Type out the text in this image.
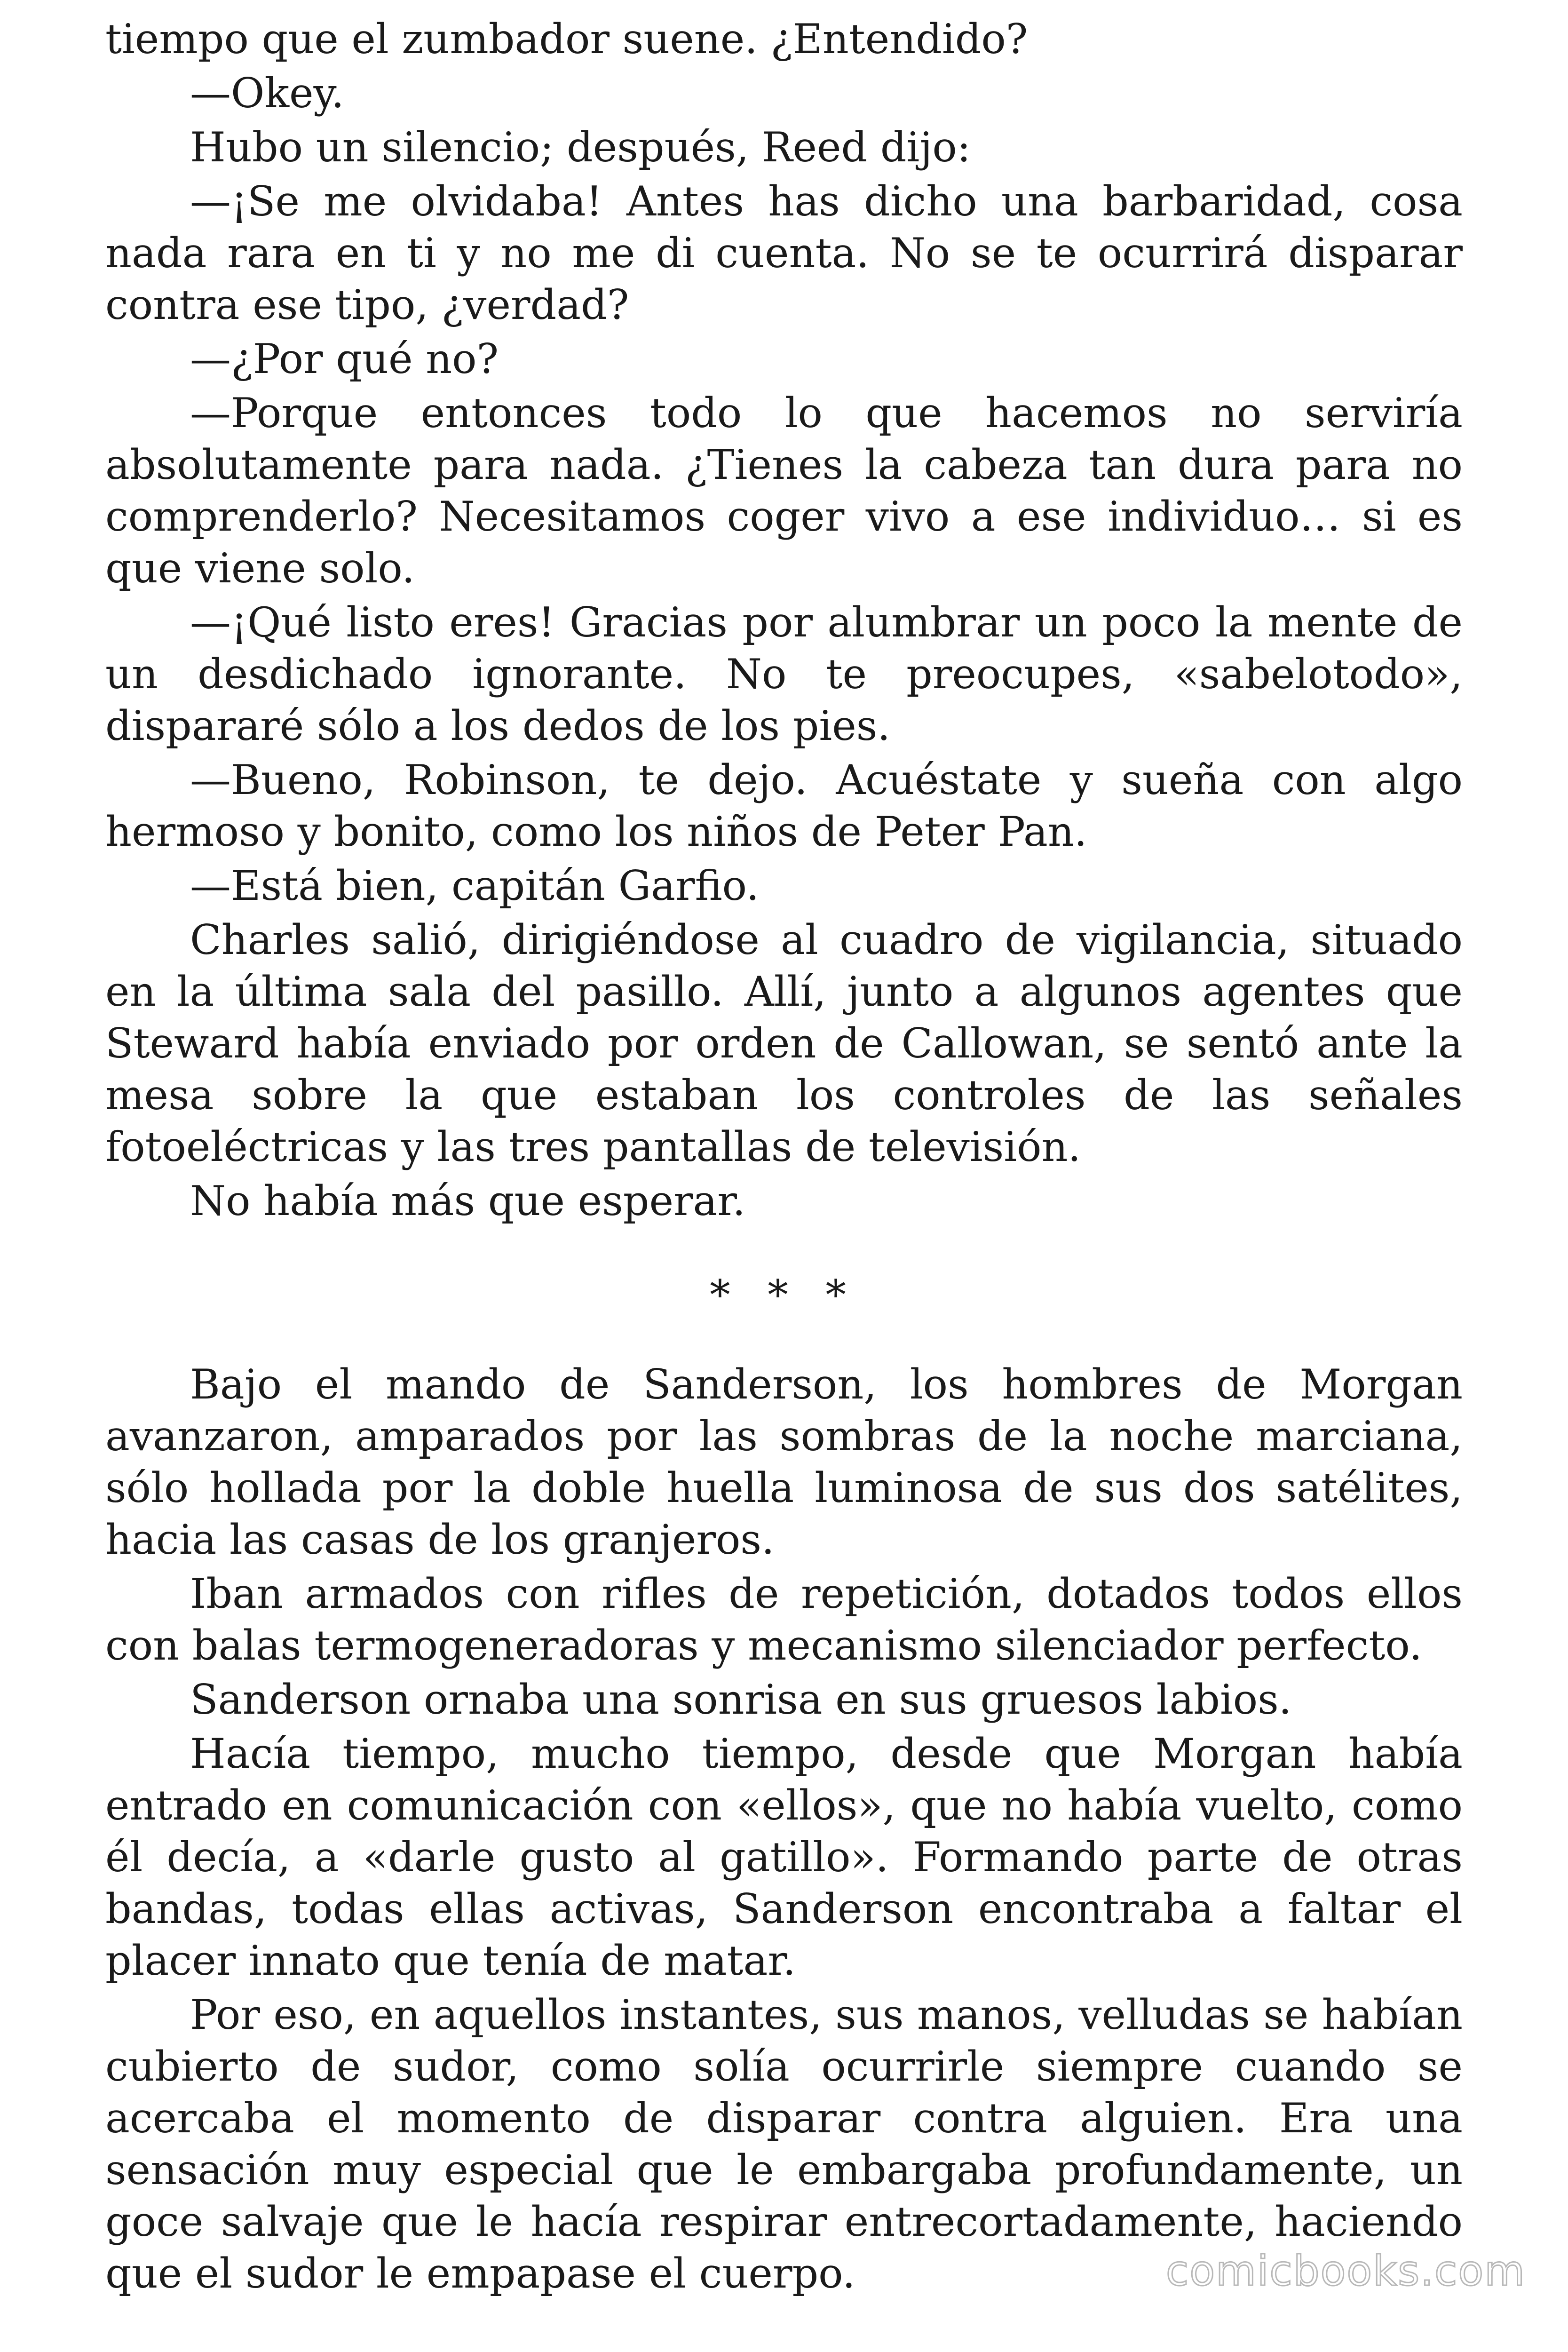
tiempo que el zumbador suene. ¿Entendido?

—Okey.

Hubo un silencio; después, Reed dijo:

—¡Se me olvidaba! Antes has dicho una barbaridad, cosa nada rara en ti y no me di cuenta. No se te ocurrirá disparar contra ese tipo, ¿verdad?

—¿Por qué no?

—Porque entonces todo lo que hacemos no serviría absolutamente para nada. ¿Tienes la cabeza tan dura para no comprenderlo? Necesitamos coger vivo a ese individuo… si es que viene solo.

—¡Qué listo eres! Gracias por alumbrar un poco la mente de un desdichado ignorante. No te preocupes, «sabelotodo», dispararé sólo a los dedos de los pies.

—Bueno, Robinson, te dejo. Acuéstate y sueña con algo hermoso y bonito, como los niños de Peter Pan.

—Está bien, capitán Garfio.

Charles salió, dirigiéndose al cuadro de vigilancia, situado en la última sala del pasillo. Allí, junto a algunos agentes que Steward había enviado por orden de Callowan, se sentó ante la mesa sobre la que estaban los controles de las señales fotoeléctricas y las tres pantallas de televisión.

No había más que esperar.

* * *

Bajo el mando de Sanderson, los hombres de Morgan avanzaron, amparados por las sombras de la noche marciana, sólo hollada por la doble huella luminosa de sus dos satélites, hacia las casas de los granjeros.

Iban armados con rifles de repetición, dotados todos ellos con balas termogeneradoras y mecanismo silenciador perfecto.

Sanderson ornaba una sonrisa en sus gruesos labios.

Hacía tiempo, mucho tiempo, desde que Morgan había entrado en comunicación con «ellos», que no había vuelto, como él decía, a «darle gusto al gatillo». Formando parte de otras bandas, todas ellas activas, Sanderson encontraba a faltar el placer innato que tenía de matar.

Por eso, en aquellos instantes, sus manos, velludas se habían cubierto de sudor, como solía ocurrirle siempre cuando se acercaba el momento de disparar contra alguien. Era una sensación muy especial que le embargaba profundamente, un goce salvaje que le hacía respirar entrecortadamente, haciendo que el sudor le empapase el cuerpo.	comicbooks.com
